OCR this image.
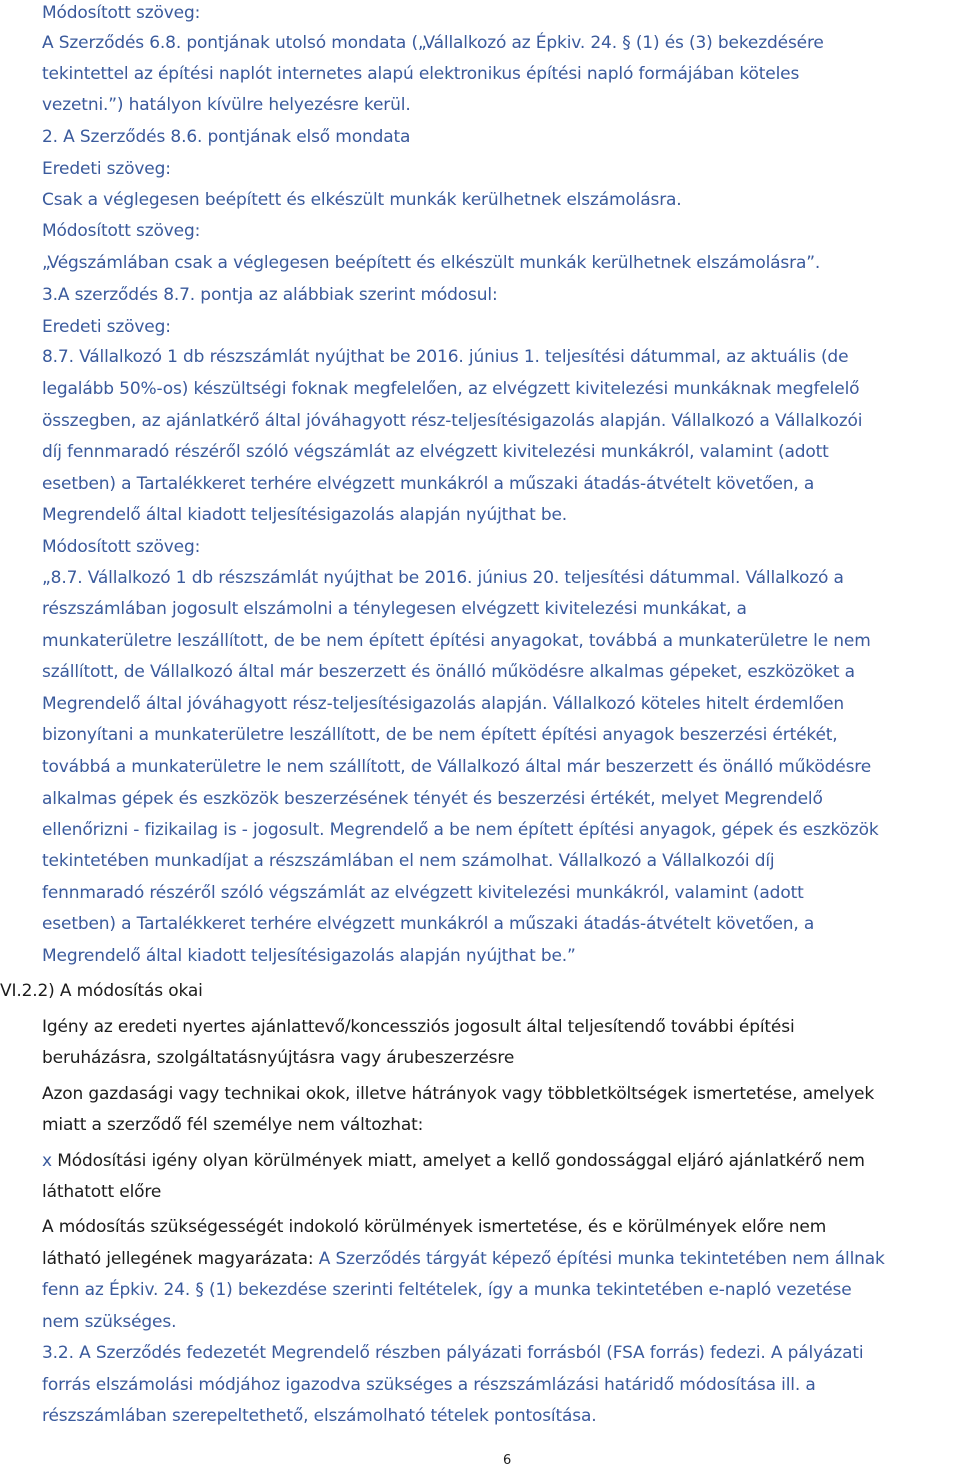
Módosított szöveg:
A Szerződés 6.8. pontjának utolsó mondata („Vállalkozó az Épkiv. 24. § (1) és (3) bekezdésére
tekintettel az építési naplót internetes alapú elektronikus építési napló formájában köteles
vezetni.”) hatályon kívülre helyezésre kerül.
2. A Szerződés 8.6. pontjának első mondata
Eredeti szöveg:
Csak a véglegesen beépített és elkészült munkák kerülhetnek elszámolásra.
Módosított szöveg:
„Végszámlában csak a véglegesen beépített és elkészült munkák kerülhetnek elszámolásra”.
3.A szerződés 8.7. pontja az alábbiak szerint módosul:
Eredeti szöveg:
8.7. Vállalkozó 1 db részszámlát nyújthat be 2016. június 1. teljesítési dátummal, az aktuális (de
legalább 50%-os) készültségi foknak megfelelően, az elvégzett kivitelezési munkáknak megfelelő
összegben, az ajánlatkérő által jóváhagyott rész-teljesítésigazolás alapján. Vállalkozó a Vállalkozói
díj fennmaradó részéről szóló végszámlát az elvégzett kivitelezési munkákról, valamint (adott
esetben) a Tartalékkeret terhére elvégzett munkákról a műszaki átadás-átvételt követően, a
Megrendelő által kiadott teljesítésigazolás alapján nyújthat be.
Módosított szöveg:
„8.7. Vállalkozó 1 db részszámlát nyújthat be 2016. június 20. teljesítési dátummal. Vállalkozó a
részszámlában jogosult elszámolni a ténylegesen elvégzett kivitelezési munkákat, a
munkaterületre leszállított, de be nem épített építési anyagokat, továbbá a munkaterületre le nem
szállított, de Vállalkozó által már beszerzett és önálló működésre alkalmas gépeket, eszközöket a
Megrendelő által jóváhagyott rész-teljesítésigazolás alapján. Vállalkozó köteles hitelt érdemlően
bizonyítani a munkaterületre leszállított, de be nem épített építési anyagok beszerzési értékét,
továbbá a munkaterületre le nem szállított, de Vállalkozó által már beszerzett és önálló működésre
alkalmas gépek és eszközök beszerzésének tényét és beszerzési értékét, melyet Megrendelő
ellenőrizni - fizikailag is - jogosult. Megrendelő a be nem épített építési anyagok, gépek és eszközök
tekintetében munkadíjat a részszámlában el nem számolhat. Vállalkozó a Vállalkozói díj
fennmaradó részéről szóló végszámlát az elvégzett kivitelezési munkákról, valamint (adott
esetben) a Tartalékkeret terhére elvégzett munkákról a műszaki átadás-átvételt követően, a
Megrendelő által kiadott teljesítésigazolás alapján nyújthat be.”
VI.2.2) A módosítás okai
Igény az eredeti nyertes ajánlattevő/koncessziós jogosult által teljesítendő további építési
beruházásra, szolgáltatásnyújtásra vagy árubeszerzésre
Azon gazdasági vagy technikai okok, illetve hátrányok vagy többletköltségek ismertetése, amelyek
miatt a szerződő fél személye nem változhat:
x Módosítási igény olyan körülmények miatt, amelyet a kellő gondossággal eljáró ajánlatkérő nem
láthatott előre
A módosítás szükségességét indokoló körülmények ismertetése, és e körülmények előre nem
látható jellegének magyarázata: A Szerződés tárgyát képező építési munka tekintetében nem állnak
fenn az Épkiv. 24. § (1) bekezdése szerinti feltételek, így a munka tekintetében e-napló vezetése
nem szükséges.
3.2. A Szerződés fedezetét Megrendelő részben pályázati forrásból (FSA forrás) fedezi. A pályázati
forrás elszámolási módjához igazodva szükséges a részszámlázási határidő módosítása ill. a
részszámlában szerepeltethető, elszámolható tételek pontosítása.
6
